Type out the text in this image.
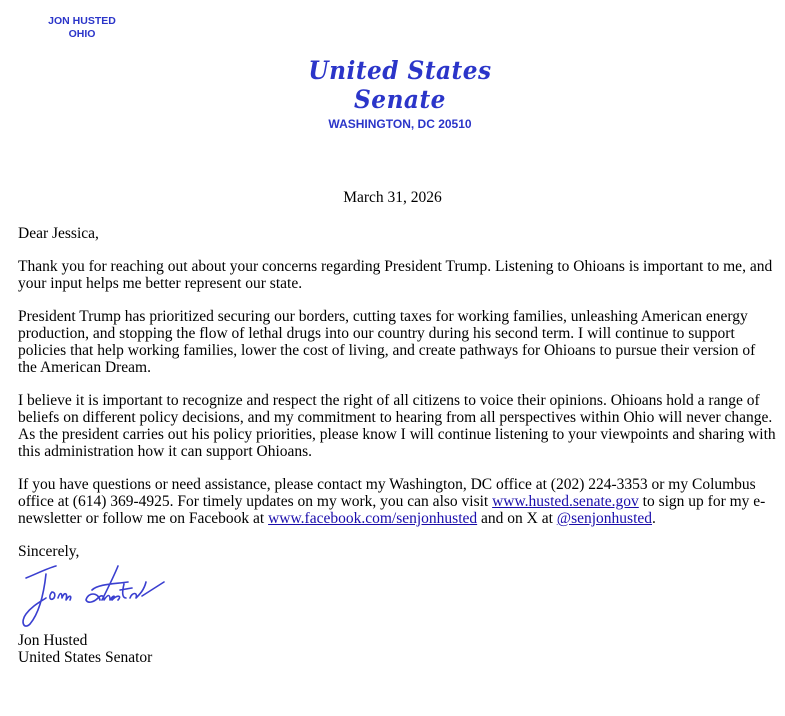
JON HUSTED
OHIO
United States Senate
WASHINGTON, DC 20510
March 31, 2026

Dear Jessica,

Thank you for reaching out about your concerns regarding President Trump. Listening to Ohioans is important to me, and your input helps me better represent our state.

President Trump has prioritized securing our borders, cutting taxes for working families, unleashing American energy production, and stopping the flow of lethal drugs into our country during his second term. I will continue to support policies that help working families, lower the cost of living, and create pathways for Ohioans to pursue their version of the American Dream.

I believe it is important to recognize and respect the right of all citizens to voice their opinions. Ohioans hold a range of beliefs on different policy decisions, and my commitment to hearing from all perspectives within Ohio will never change. As the president carries out his policy priorities, please know I will continue listening to your viewpoints and sharing with this administration how it can support Ohioans.

If you have questions or need assistance, please contact my Washington, DC office at (202) 224-3353 or my Columbus office at (614) 369-4925. For timely updates on my work, you can also visit www.husted.senate.gov to sign up for my e-newsletter or follow me on Facebook at www.facebook.com/senjonhusted and on X at @senjonhusted.

Sincerely,

Jon Husted

United States Senator
